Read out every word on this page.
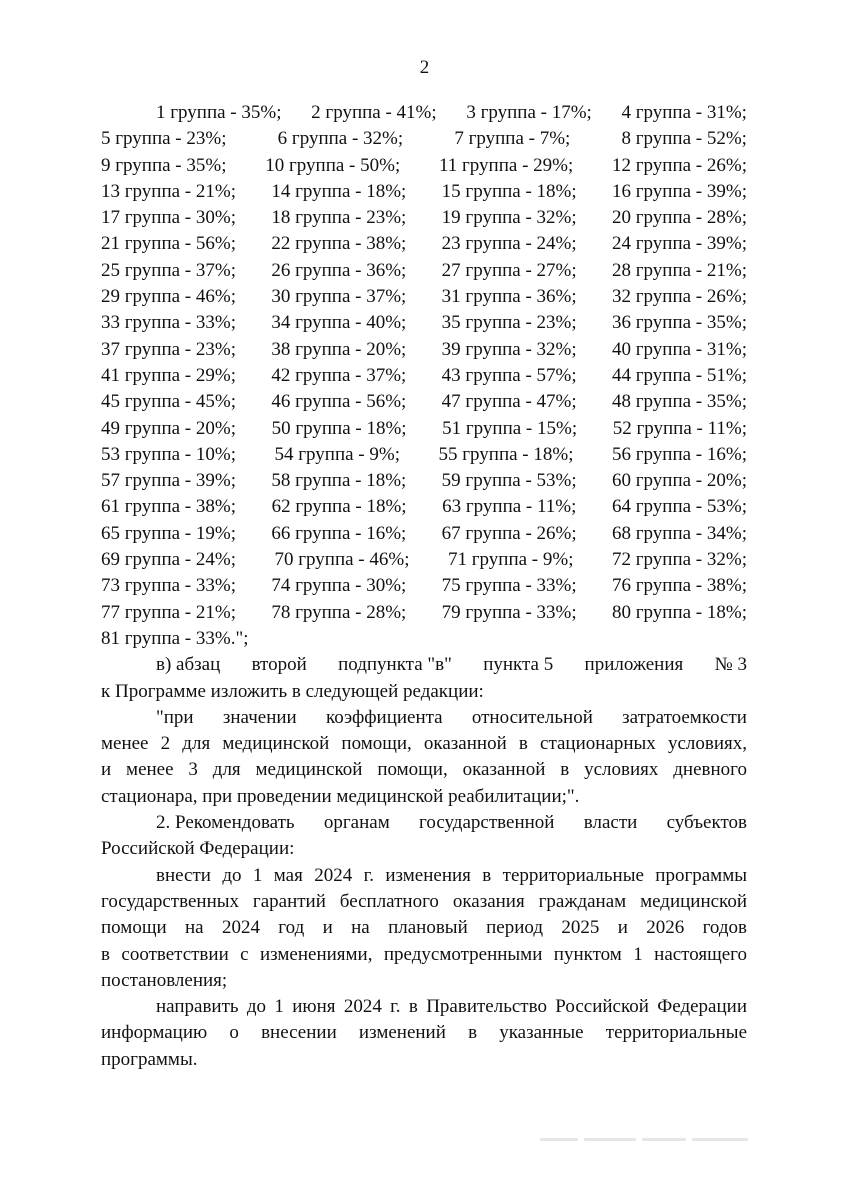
2
1 группа - 35%; 2 группа - 41%; 3 группа - 17%; 4 группа - 31%;
5 группа - 23%;	6 группа - 32%;	7 группа - 7%;	8 группа - 52%;
9 группа - 35%; 10 группа - 50%; 11 группа - 29%; 12 группа - 26%;
13 группа - 21%; 14 группа - 18%; 15 группа - 18%; 16 группа - 39%;
17 группа - 30%; 18 группа - 23%; 19 группа - 32%; 20 группа - 28%;
21 группа - 56%; 22 группа - 38%; 23 группа - 24%; 24 группа - 39%;
25 группа - 37%; 26 группа - 36%; 27 группа - 27%; 28 группа - 21%;
29 группа - 46%; 30 группа - 37%; 31 группа - 36%; 32 группа - 26%;
33 группа - 33%; 34 группа - 40%; 35 группа - 23%; 36 группа - 35%;
37 группа - 23%; 38 группа - 20%; 39 группа - 32%; 40 группа - 31%;
41 группа - 29%; 42 группа - 37%; 43 группа - 57%; 44 группа - 51%;
45 группа - 45%; 46 группа - 56%; 47 группа - 47%; 48 группа - 35%;
49 группа - 20%; 50 группа - 18%; 51 группа - 15%; 52 группа - 11%;
53 группа - 10%; 54 группа - 9%; 55 группа - 18%; 56 группа - 16%;
57 группа - 39%; 58 группа - 18%; 59 группа - 53%; 60 группа - 20%;
61 группа - 38%; 62 группа - 18%; 63 группа - 11%; 64 группа - 53%;
65 группа - 19%; 66 группа - 16%; 67 группа - 26%; 68 группа - 34%;
69 группа - 24%; 70 группа - 46%; 71 группа - 9%; 72 группа - 32%;
73 группа - 33%; 74 группа - 30%; 75 группа - 33%; 76 группа - 38%;
77 группа - 21%; 78 группа - 28%; 79 группа - 33%; 80 группа - 18%;
81 группа - 33%.";
в) абзац второй подпункта "в" пункта 5 приложения № 3
к Программе изложить в следующей редакции:
"при значении коэффициента относительной затратоемкости
менее 2 для медицинской помощи, оказанной в стационарных условиях,
и менее 3 для медицинской помощи, оказанной в условиях дневного
стационара, при проведении медицинской реабилитации;".
2. Рекомендовать органам государственной власти субъектов
Российской Федерации:
внести до 1 мая 2024 г. изменения в территориальные программы
государственных гарантий бесплатного оказания гражданам медицинской
помощи на 2024 год и на плановый период 2025 и 2026 годов
в соответствии с изменениями, предусмотренными пунктом 1 настоящего
постановления;
направить до 1 июня 2024 г. в Правительство Российской Федерации
информацию о внесении изменений в указанные территориальные
программы.
